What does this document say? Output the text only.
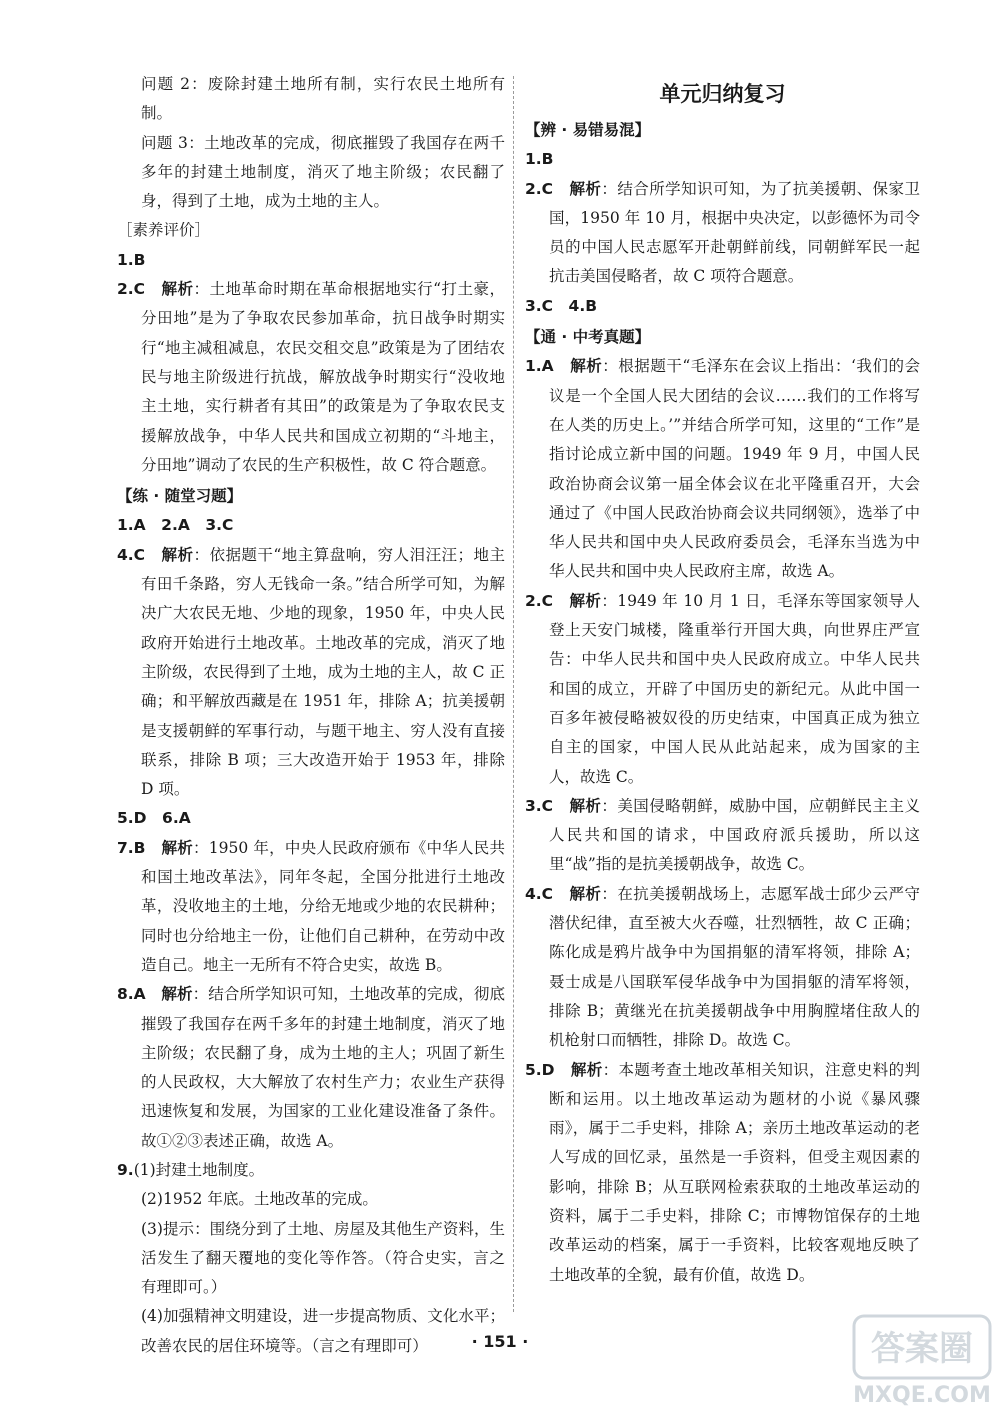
问题 2：废除封建土地所有制，实行农民土地所有制。

问题 3：土地改革的完成，彻底摧毁了我国存在两千多年的封建土地制度，消灭了地主阶级；农民翻了身，得到了土地，成为土地的主人。

［素养评价］

1.B

2.C　 解析：土地革命时期在革命根据地实行“打土豪，分田地”是为了争取农民参加革命，抗日战争时期实行“地主减租减息，农民交租交息”政策是为了团结农民与地主阶级进行抗战，解放战争时期实行“没收地主土地，实行耕者有其田”的政策是为了争取农民支援解放战争，中华人民共和国成立初期的“斗地主，分田地”调动了农民的生产积极性，故 C 符合题意。

【练 · 随堂习题】

1.A　2.A　3.C

4.C　 解析：依据题干“地主算盘响，穷人泪汪汪；地主有田千条路，穷人无钱命一条。”结合所学可知，为解决广大农民无地、少地的现象，1950 年，中央人民政府开始进行土地改革。土地改革的完成，消灭了地主阶级，农民得到了土地，成为土地的主人，故 C 正确；和平解放西藏是在 1951 年，排除 A；抗美援朝是支援朝鲜的军事行动，与题干地主、穷人没有直接联系，排除 B 项；三大改造开始于 1953 年，排除 D 项。

5.D　6.A

7.B　 解析：1950 年，中央人民政府颁布《中华人民共和国土地改革法》，同年冬起，全国分批进行土地改革，没收地主的土地，分给无地或少地的农民耕种；同时也分给地主一份，让他们自己耕种，在劳动中改造自己。地主一无所有不符合史实，故选 B。

8.A　 解析：结合所学知识可知，土地改革的完成，彻底摧毁了我国存在两千多年的封建土地制度，消灭了地主阶级；农民翻了身，成为土地的主人；巩固了新生的人民政权，大大解放了农村生产力；农业生产获得迅速恢复和发展，为国家的工业化建设准备了条件。故①②③表述正确，故选 A。

9.(1)封建土地制度。

(2)1952 年底。土地改革的完成。

(3)提示：围绕分到了土地、房屋及其他生产资料，生活发生了翻天覆地的变化等作答。（符合史实，言之有理即可。）

(4)加强精神文明建设，进一步提高物质、文化水平；改善农民的居住环境等。（言之有理即可）

单元归纳复习

【辨 · 易错易混】

1.B

2.C　 解析：结合所学知识可知，为了抗美援朝、保家卫国，1950 年 10 月，根据中央决定，以彭德怀为司令员的中国人民志愿军开赴朝鲜前线，同朝鲜军民一起抗击美国侵略者，故 C 项符合题意。

3.C　4.B

【通 · 中考真题】

1.A　 解析：根据题干“毛泽东在会议上指出：‘我们的会议是一个全国人民大团结的会议……我们的工作将写在人类的历史上。’”并结合所学可知，这里的“工作”是指讨论成立新中国的问题。1949 年 9 月，中国人民政治协商会议第一届全体会议在北平隆重召开，大会通过了《中国人民政治协商会议共同纲领》，选举了中华人民共和国中央人民政府委员会，毛泽东当选为中华人民共和国中央人民政府主席，故选 A。

2.C　 解析：1949 年 10 月 1 日，毛泽东等国家领导人登上天安门城楼，隆重举行开国大典，向世界庄严宣告：中华人民共和国中央人民政府成立。中华人民共和国的成立，开辟了中国历史的新纪元。从此中国一百多年被侵略被奴役的历史结束，中国真正成为独立自主的国家，中国人民从此站起来，成为国家的主人，故选 C。

3.C　 解析：美国侵略朝鲜，威胁中国，应朝鲜民主主义人民共和国的请求，中国政府派兵援助，所以这里“战”指的是抗美援朝战争，故选 C。

4.C　 解析：在抗美援朝战场上，志愿军战士邱少云严守潜伏纪律，直至被大火吞噬，壮烈牺牲，故 C 正确；陈化成是鸦片战争中为国捐躯的清军将领，排除 A；聂士成是八国联军侵华战争中为国捐躯的清军将领，排除 B；黄继光在抗美援朝战争中用胸膛堵住敌人的机枪射口而牺牲，排除 D。故选 C。

5.D　 解析：本题考查土地改革相关知识，注意史料的判断和运用。以土地改革运动为题材的小说《暴风骤雨》，属于二手史料，排除 A；亲历土地改革运动的老人写成的回忆录，虽然是一手资料，但受主观因素的影响，排除 B；从互联网检索获取的土地改革运动的资料，属于二手史料，排除 C；市博物馆保存的土地改革运动的档案，属于一手资料，比较客观地反映了土地改革的全貌，最有价值，故选 D。

· 151 ·	答案圈
MXQE.COM
